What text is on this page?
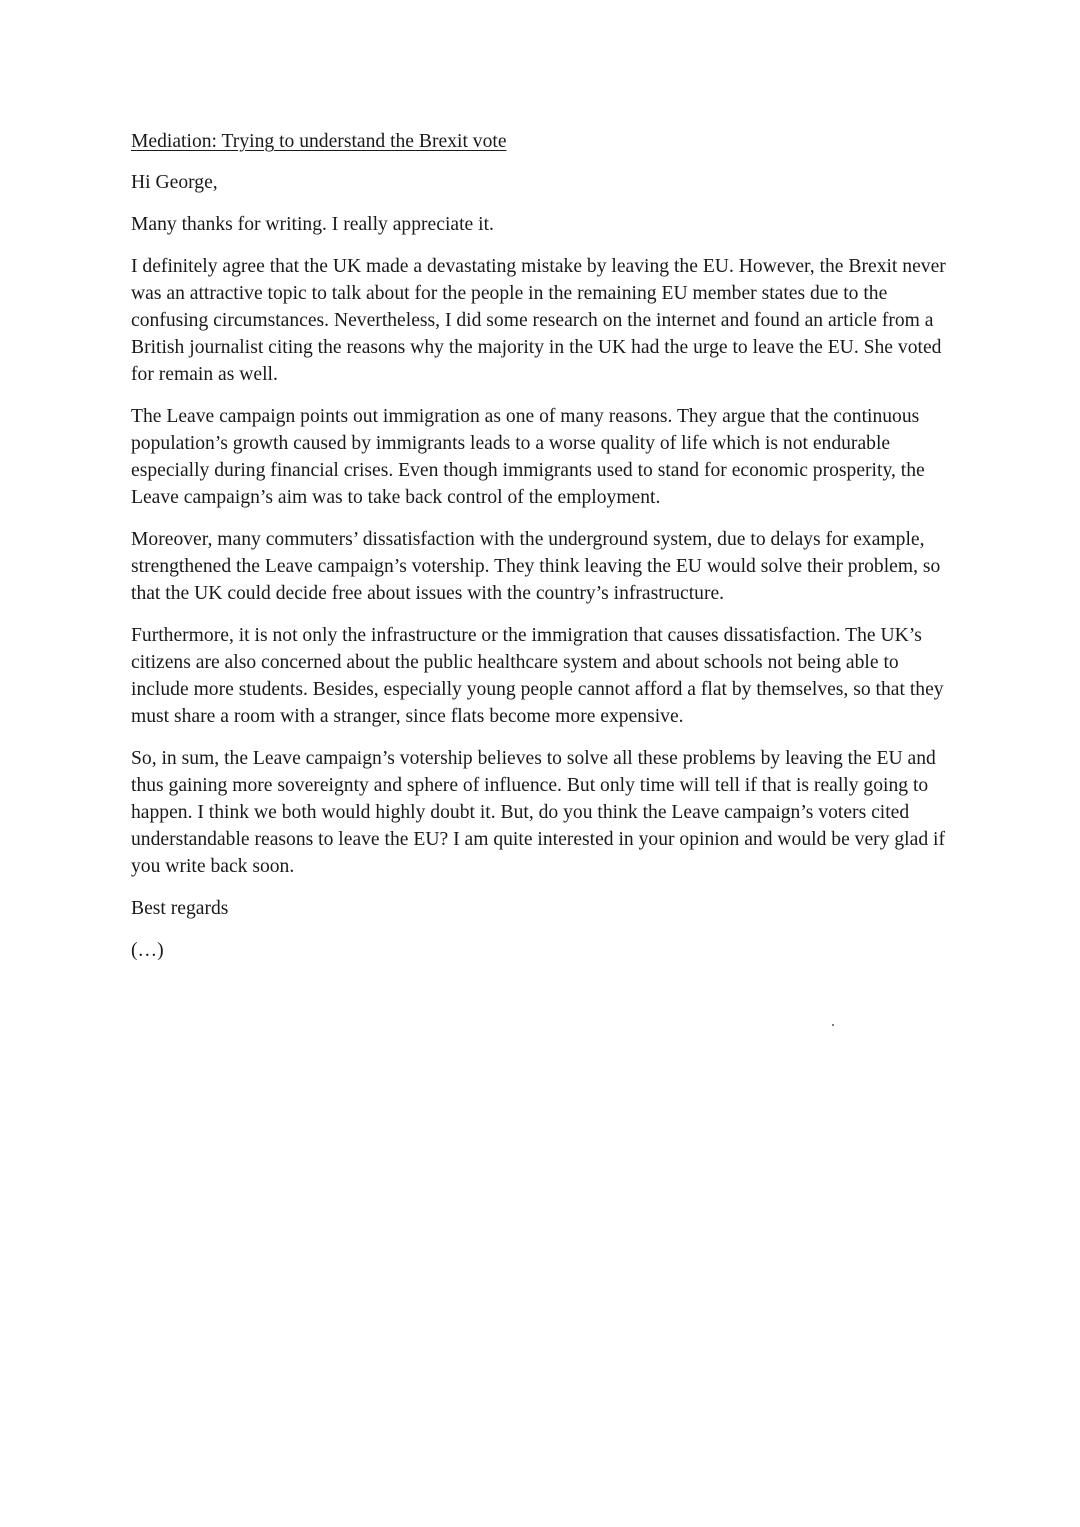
Mediation: Trying to understand the Brexit vote

Hi George,

Many thanks for writing. I really appreciate it.

I definitely agree that the UK made a devastating mistake by leaving the EU. However, the Brexit never was an attractive topic to talk about for the people in the remaining EU member states due to the confusing circumstances. Nevertheless, I did some research on the internet and found an article from a British journalist citing the reasons why the majority in the UK had the urge to leave the EU. She voted for remain as well.

The Leave campaign points out immigration as one of many reasons. They argue that the continuous population’s growth caused by immigrants leads to a worse quality of life which is not endurable especially during financial crises. Even though immigrants used to stand for economic prosperity, the Leave campaign’s aim was to take back control of the employment.

Moreover, many commuters’ dissatisfaction with the underground system, due to delays for example, strengthened the Leave campaign’s votership. They think leaving the EU would solve their problem, so that the UK could decide free about issues with the country’s infrastructure.

Furthermore, it is not only the infrastructure or the immigration that causes dissatisfaction. The UK’s citizens are also concerned about the public healthcare system and about schools not being able to include more students. Besides, especially young people cannot afford a flat by themselves, so that they must share a room with a stranger, since flats become more expensive.

So, in sum, the Leave campaign’s votership believes to solve all these problems by leaving the EU and thus gaining more sovereignty and sphere of influence. But only time will tell if that is really going to happen. I think we both would highly doubt it. But, do you think the Leave campaign’s voters cited understandable reasons to leave the EU? I am quite interested in your opinion and would be very glad if you write back soon.

Best regards

(…)
